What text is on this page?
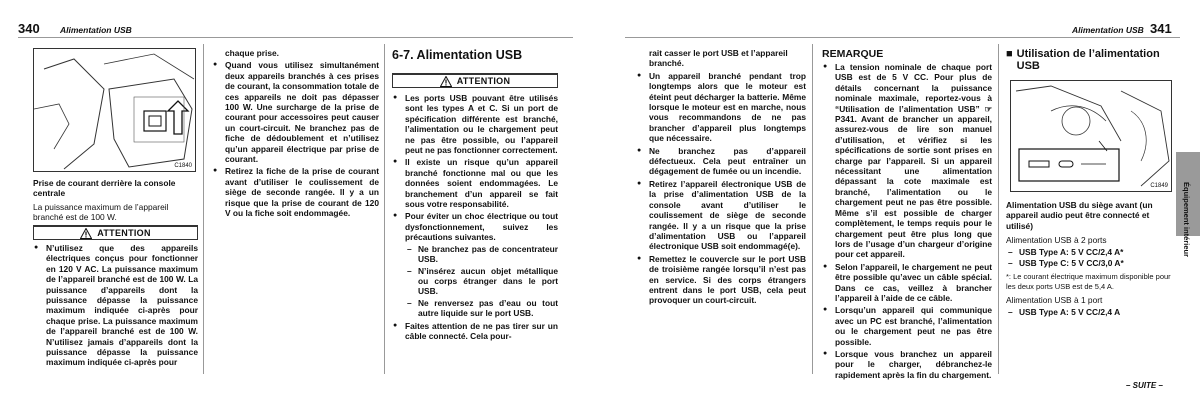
340 Alimentation USB	Alimentation USB 341
C1840

Prise de courant derrière la console centrale

La puissance maximum de l’appareil branché est de 100 W.

ATTENTION
● N’utilisez que des appareils électriques conçus pour fonctionner en 120 V AC. La puissance maximum de l’appareil branché est de 100 W. La puissance d’appareils dont la puissance dépasse la puissance maximum indiquée ci-après pour chaque prise. La puissance maximum de l’appareil branché est de 100 W. N’utilisez jamais d’appareils dont la puissance dépasse la puissance maximum indiquée ci-après pour

chaque prise.

● Quand vous utilisez simultanément deux appareils branchés à ces prises de courant, la consommation totale de ces appareils ne doit pas dépasser 100 W. Une surcharge de la prise de courant pour accessoires peut causer un court-circuit. Ne branchez pas de fiche de dédoublement et n’utilisez qu’un appareil électrique par prise de courant.
● Retirez la fiche de la prise de courant avant d’utiliser le coulissement de siège de seconde rangée. Il y a un risque que la prise de courant de 120 V ou la fiche soit endommagée.
6-7. Alimentation USB
ATTENTION
● Les ports USB pouvant être utilisés sont les types A et C. Si un port de spécification différente est branché, l’alimentation ou le chargement peut ne pas être possible, ou l’appareil peut ne pas fonctionner correctement.
● Il existe un risque qu’un appareil branché fonctionne mal ou que les données soient endommagées. Le branchement d’un appareil se fait sous votre responsabilité.
● Pour éviter un choc électrique ou tout dysfonctionnement, suivez les précautions suivantes.
– Ne branchez pas de concentrateur USB.
– N’insérez aucun objet métallique ou corps étranger dans le port USB.
– Ne renversez pas d’eau ou tout autre liquide sur le port USB.
● Faites attention de ne pas tirer sur un câble connecté. Cela pour-

rait casser le port USB et l’appareil branché.

● Un appareil branché pendant trop longtemps alors que le moteur est éteint peut décharger la batterie. Même lorsque le moteur est en marche, nous vous recommandons de ne pas brancher d’appareil plus longtemps que nécessaire.
● Ne branchez pas d’appareil défectueux. Cela peut entraîner un dégagement de fumée ou un incendie.
● Retirez l’appareil électronique USB de la prise d’alimentation USB de la console avant d’utiliser le coulissement de siège de seconde rangée. Il y a un risque que la prise d’alimentation USB ou l’appareil électronique USB soit endommagé(e).
● Remettez le couvercle sur le port USB de troisième rangée lorsqu’il n’est pas en service. Si des corps étrangers entrent dans le port USB, cela peut provoquer un court-circuit.
REMARQUE
● La tension nominale de chaque port USB est de 5 V CC. Pour plus de détails concernant la puissance nominale maximale, reportez-vous à “Utilisation de l’alimentation USB” ☞P341. Avant de brancher un appareil, assurez-vous de lire son manuel d’utilisation, et vérifiez si les spécifications de sortie sont prises en charge par l’appareil. Si un appareil nécessitant une alimentation dépassant la cote maximale est branché, l’alimentation ou le chargement peut ne pas être possible. Même s’il est possible de charger complètement, le temps requis pour le chargement peut être plus long que lors de l’usage d’un chargeur d’origine pour cet appareil.
● Selon l’appareil, le chargement ne peut être possible qu’avec un câble spécial. Dans ce cas, veillez à brancher l’appareil à l’aide de ce câble.
● Lorsqu’un appareil qui communique avec un PC est branché, l’alimentation ou le chargement peut ne pas être possible.
● Lorsque vous branchez un appareil pour le charger, débranchez-le rapidement après la fin du chargement.
■ Utilisation de l’alimentation USB
C1849

Alimentation USB du siège avant (un appareil audio peut être connecté et utilisé)

Alimentation USB à 2 ports

– USB Type A: 5 V CC/2,4 A*
– USB Type C: 5 V CC/3,0 A*

*: Le courant électrique maximum disponible pour les deux ports USB est de 5,4 A.

Alimentation USB à 1 port

– USB Type A: 5 V CC/2,4 A
Équipement intérieur
– SUITE –
